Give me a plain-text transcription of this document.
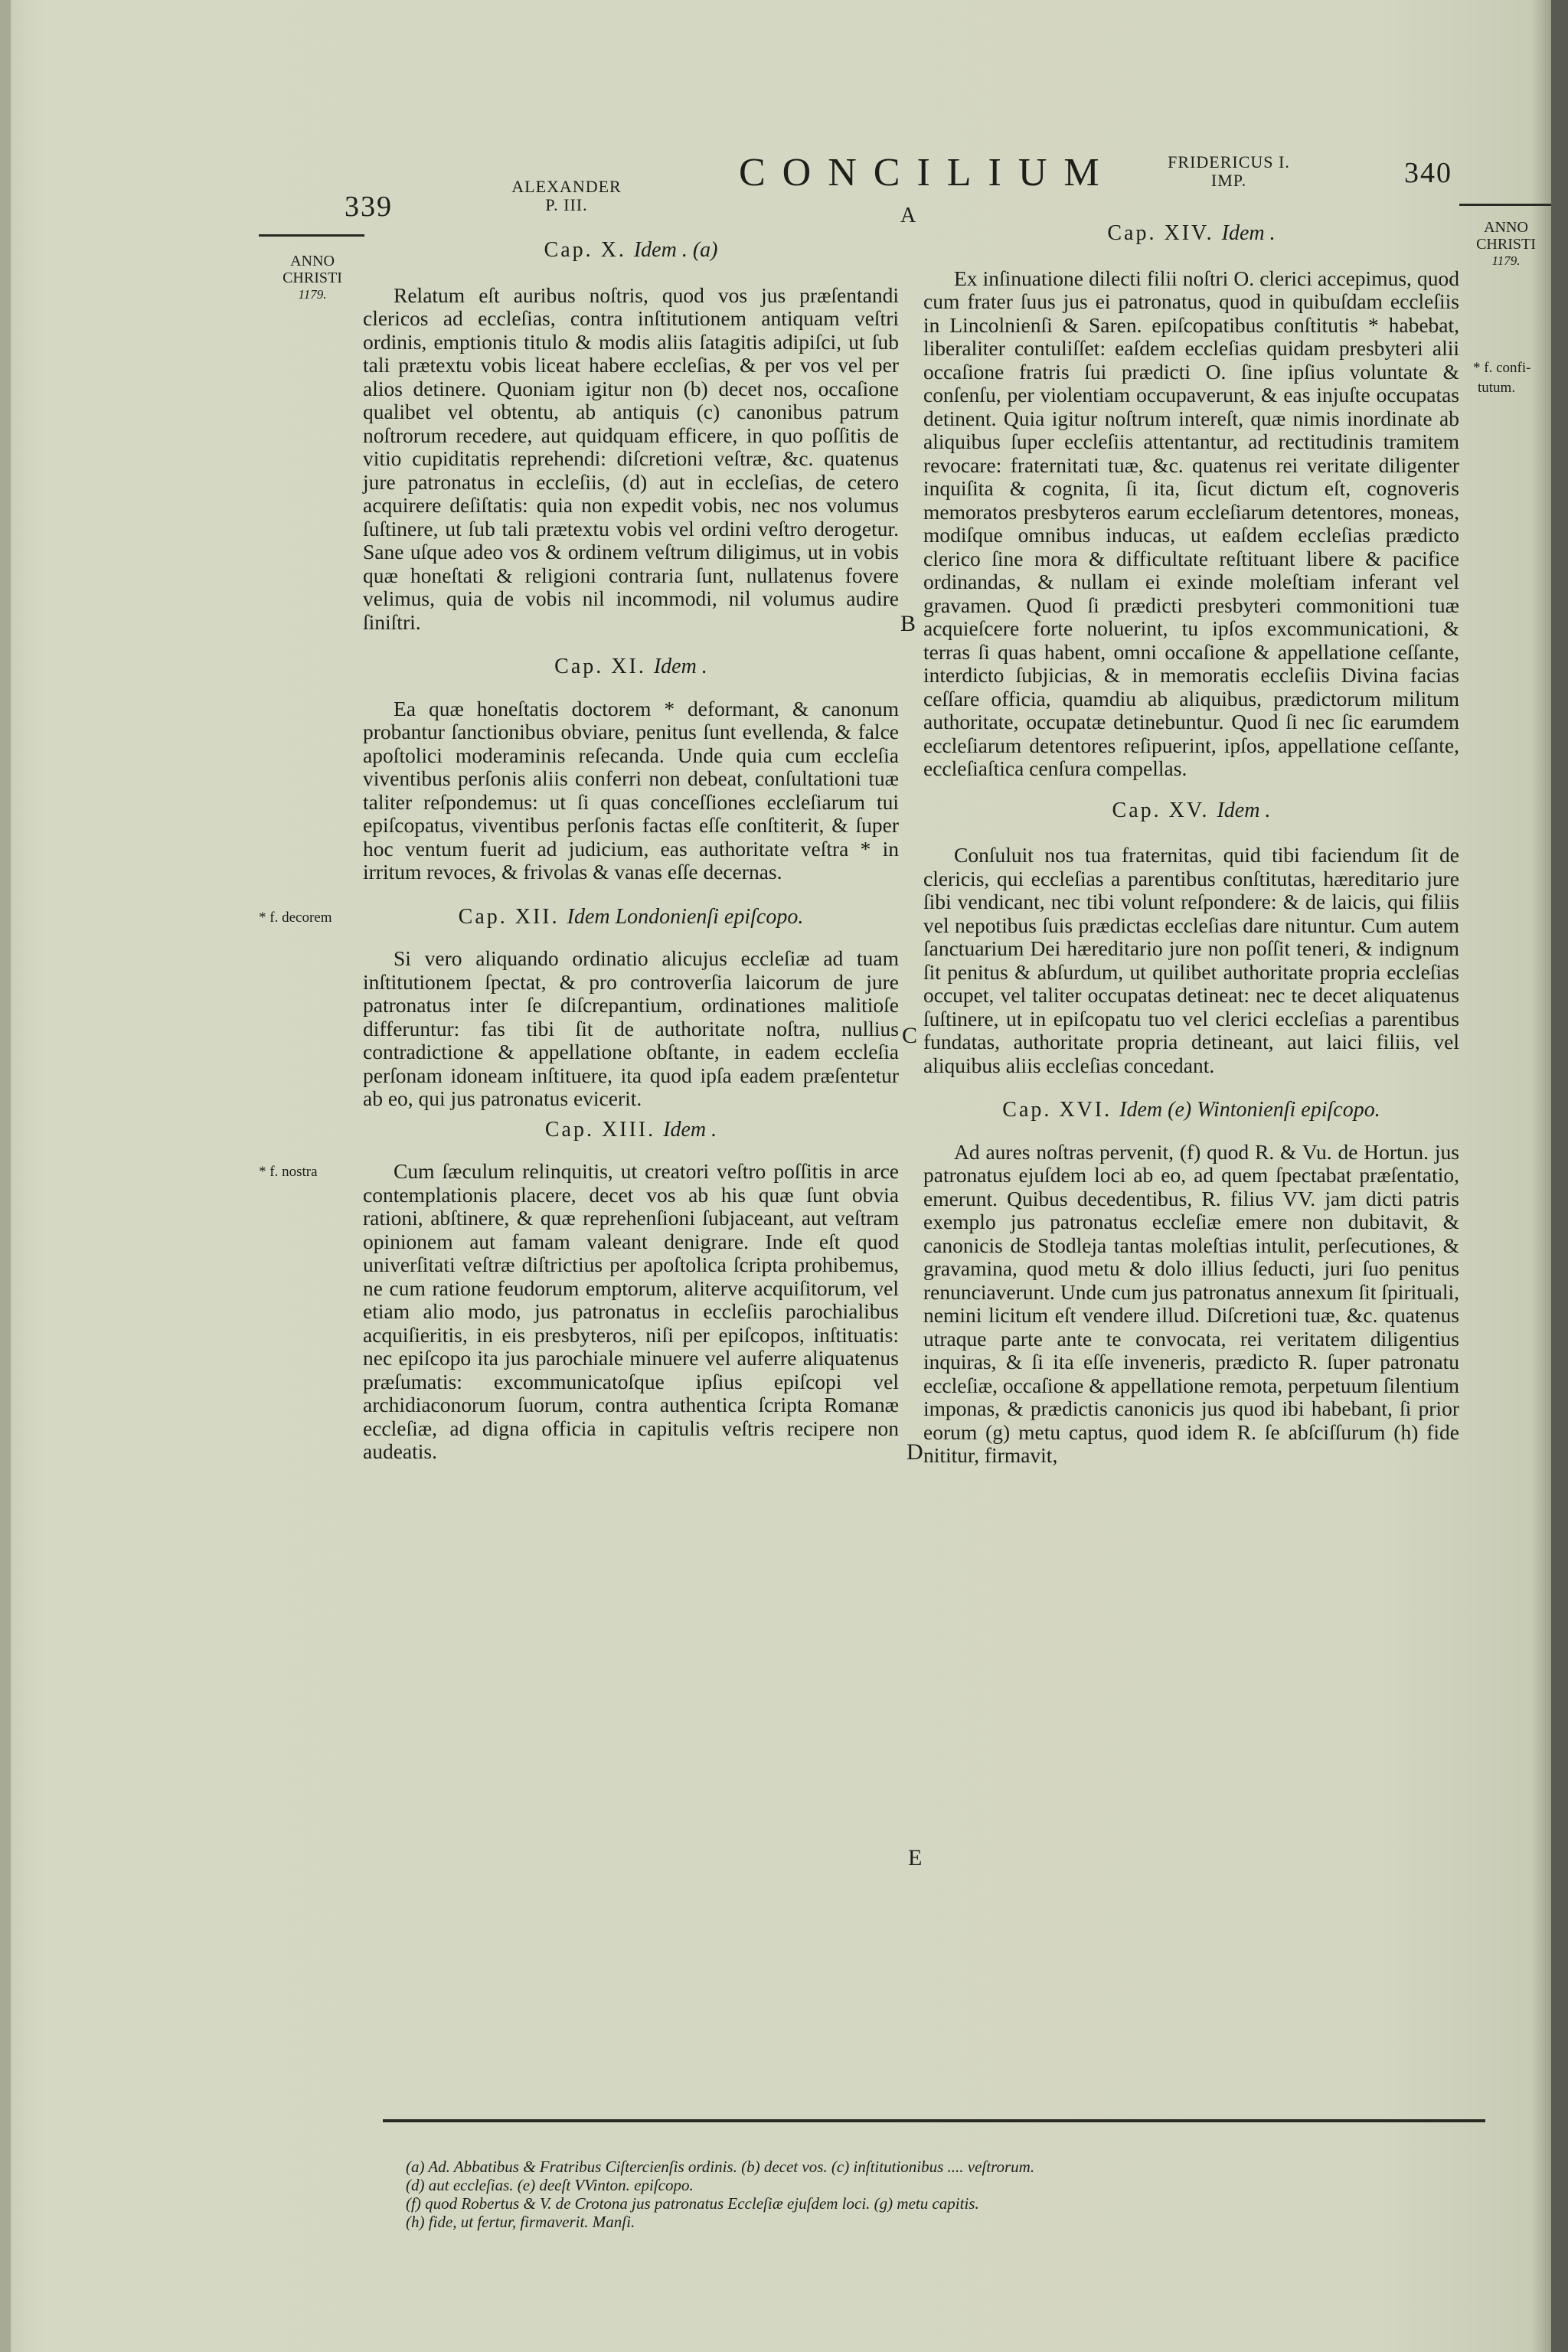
339
ALEXANDER
P. III.
CONCILIUM
A
FRIDERICUS I.
IMP.	340
ANNO
CHRISTI
1179.
ANNO
CHRISTI
1179.
* f. decorem
* f. nostra
* f. confi-
tutum.
B
C
D
E
Cap. X. Idem . (a)

Relatum eſt auribus noſtris, quod vos jus præſentandi clericos ad eccleſias, contra inſtitutionem antiquam veſtri ordinis, emptionis titulo & modis aliis ſatagitis adipiſci, ut ſub tali prætextu vobis liceat habere eccleſias, & per vos vel per alios detinere. Quoniam igitur non (b) decet nos, occaſione qualibet vel obtentu, ab antiquis (c) canonibus patrum noſtrorum recedere, aut quidquam efficere, in quo poſſitis de vitio cupiditatis reprehendi: diſcretioni veſtræ, &c. quatenus jure patronatus in eccleſiis, (d) aut in eccleſias, de cetero acquirere deſiſtatis: quia non expedit vobis, nec nos volumus ſuſtinere, ut ſub tali prætextu vobis vel ordini veſtro derogetur. Sane uſque adeo vos & ordinem veſtrum diligimus, ut in vobis quæ honeſtati & religioni contraria ſunt, nullatenus fovere velimus, quia de vobis nil incommodi, nil volumus audire ſiniſtri.

Cap. XI. Idem .

Ea quæ honeſtatis doctorem * deformant, & canonum probantur ſanctionibus obviare, penitus ſunt evellenda, & falce apoſtolici moderaminis reſecanda. Unde quia cum eccleſia viventibus perſonis aliis conferri non debeat, conſultationi tuæ taliter reſpondemus: ut ſi quas conceſſiones eccleſiarum tui epiſcopatus, viventibus perſonis factas eſſe conſtiterit, & ſuper hoc ventum fuerit ad judicium, eas authoritate veſtra * in irritum revoces, & frivolas & vanas eſſe decernas.

Cap. XII. Idem Londonienſi epiſcopo.

Si vero aliquando ordinatio alicujus eccleſiæ ad tuam inſtitutionem ſpectat, & pro controverſia laicorum de jure patronatus inter ſe diſcrepantium, ordinationes malitioſe differuntur: fas tibi ſit de authoritate noſtra, nullius contradictione & appellatione obſtante, in eadem eccleſia perſonam idoneam inſtituere, ita quod ipſa eadem præſentetur ab eo, qui jus patronatus evicerit.

Cap. XIII. Idem .

Cum ſæculum relinquitis, ut creatori veſtro poſſitis in arce contemplationis placere, decet vos ab his quæ ſunt obvia rationi, abſtinere, & quæ reprehenſioni ſubjaceant, aut veſtram opinionem aut famam valeant denigrare. Inde eſt quod univerſitati veſtræ diſtrictius per apoſtolica ſcripta prohibemus, ne cum ratione feudorum emptorum, aliterve acquiſitorum, vel etiam alio modo, jus patronatus in eccleſiis parochialibus acquiſieritis, in eis presbyteros, niſi per epiſcopos, inſtituatis: nec epiſcopo ita jus parochiale minuere vel auferre aliquatenus præſumatis: excommunicatoſque ipſius epiſcopi vel archidiaconorum ſuorum, contra authentica ſcripta Romanæ eccleſiæ, ad digna officia in capitulis veſtris recipere non audeatis.

Cap. XIV. Idem .

Ex inſinuatione dilecti filii noſtri O. clerici accepimus, quod cum frater ſuus jus ei patronatus, quod in quibuſdam eccleſiis in Lincolnienſi & Saren. epiſcopatibus conſtitutis * habebat, liberaliter contuliſſet: eaſdem eccleſias quidam presbyteri alii occaſione fratris ſui prædicti O. ſine ipſius voluntate & conſenſu, per violentiam occupaverunt, & eas injuſte occupatas detinent. Quia igitur noſtrum intereſt, quæ nimis inordinate ab aliquibus ſuper eccleſiis attentantur, ad rectitudinis tramitem revocare: fraternitati tuæ, &c. quatenus rei veritate diligenter inquiſita & cognita, ſi ita, ſicut dictum eſt, cognoveris memoratos presbyteros earum eccleſiarum detentores, moneas, modiſque omnibus inducas, ut eaſdem eccleſias prædicto clerico ſine mora & difficultate reſtituant libere & pacifice ordinandas, & nullam ei exinde moleſtiam inferant vel gravamen. Quod ſi prædicti presbyteri commonitioni tuæ acquieſcere forte noluerint, tu ipſos excommunicationi, & terras ſi quas habent, omni occaſione & appellatione ceſſante, interdicto ſubjicias, & in memoratis eccleſiis Divina facias ceſſare officia, quamdiu ab aliquibus, prædictorum militum authoritate, occupatæ detinebuntur. Quod ſi nec ſic earumdem eccleſiarum detentores reſipuerint, ipſos, appellatione ceſſante, eccleſiaſtica cenſura compellas.

Cap. XV. Idem .

Conſuluit nos tua fraternitas, quid tibi faciendum ſit de clericis, qui eccleſias a parentibus conſtitutas, hæreditario jure ſibi vendicant, nec tibi volunt reſpondere: & de laicis, qui filiis vel nepotibus ſuis prædictas eccleſias dare nituntur. Cum autem ſanctuarium Dei hæreditario jure non poſſit teneri, & indignum ſit penitus & abſurdum, ut quilibet authoritate propria eccleſias occupet, vel taliter occupatas detineat: nec te decet aliquatenus ſuſtinere, ut in epiſcopatu tuo vel clerici eccleſias a parentibus fundatas, authoritate propria detineant, aut laici filiis, vel aliquibus aliis eccleſias concedant.

Cap. XVI. Idem (e) Wintonienſi epiſcopo.

Ad aures noſtras pervenit, (f) quod R. & Vu. de Hortun. jus patronatus ejuſdem loci ab eo, ad quem ſpectabat præſentatio, emerunt. Quibus decedentibus, R. filius VV. jam dicti patris exemplo jus patronatus eccleſiæ emere non dubitavit, & canonicis de Stodleja tantas moleſtias intulit, perſecutiones, & gravamina, quod metu & dolo illius ſeducti, juri ſuo penitus renunciaverunt. Unde cum jus patronatus annexum ſit ſpirituali, nemini licitum eſt vendere illud. Diſcretioni tuæ, &c. quatenus utraque parte ante te convocata, rei veritatem diligentius inquiras, & ſi ita eſſe inveneris, prædicto R. ſuper patronatu eccleſiæ, occaſione & appellatione remota, perpetuum ſilentium imponas, & prædictis canonicis jus quod ibi habebant, ſi prior eorum (g) metu captus, quod idem R. ſe abſciſſurum (h) fide nititur, firmavit,

(a) Ad. Abbatibus & Fratribus Ciſtercienſis ordinis. (b) decet vos. (c) inſtitutionibus .... veſtrorum.
(d) aut eccleſias. (e) deeſt VVinton. epiſcopo.
(f) quod Robertus & V. de Crotona jus patronatus Eccleſiæ ejuſdem loci. (g) metu capitis.
(h) fide, ut fertur, firmaverit. Manſi.
